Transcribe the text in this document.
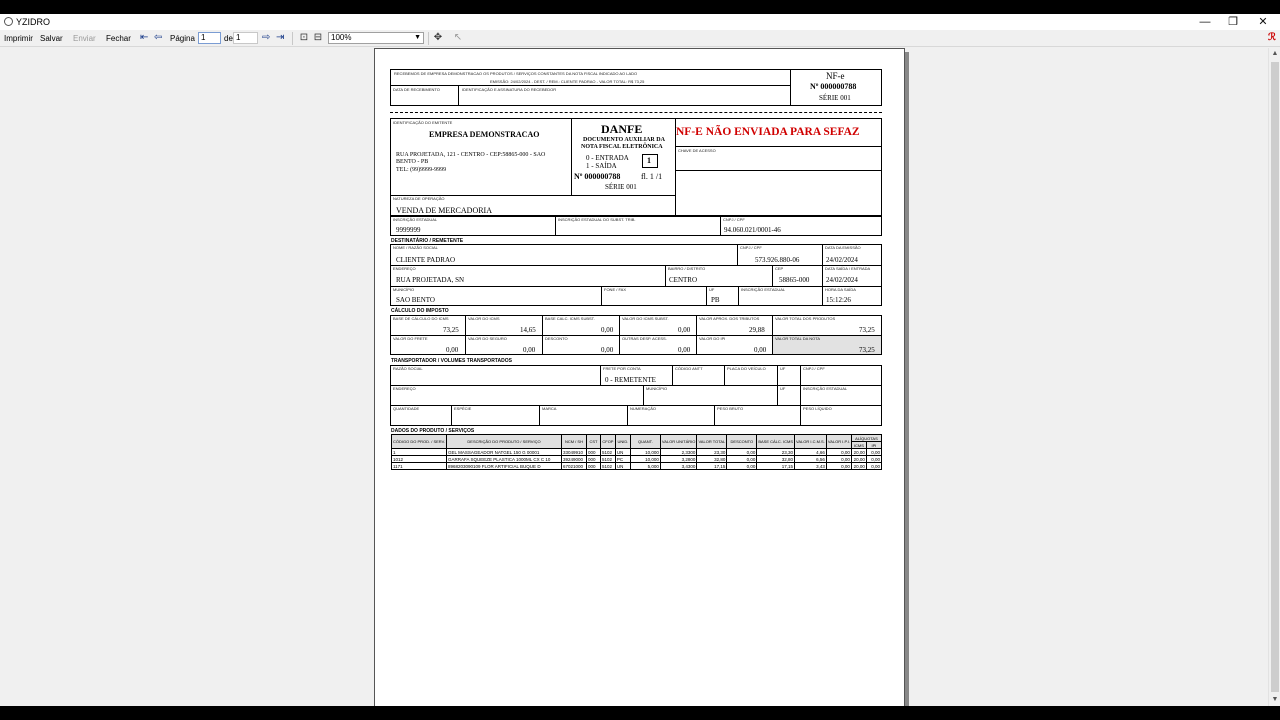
YZIDRO	— ❐ ✕
Imprimir Salvar Enviar Fechar ⇤ ⇦ Página 1	de 1	⇨ ⇥ ⊡ ⊟	100%	▼ ✥ ↖	ℛ
▲
▼
RECEBEMOS DE EMPRESA DEMONSTRACAO OS PRODUTOS / SERVIÇOS CONSTANTES DA NOTA FISCAL INDICADO AO LADO
EMISSÃO: 24/02/2024 - DEST. / REM.: CLIENTE PADRAO - VALOR TOTAL: R$ 73,25
DATA DE RECEBIMENTO	IDENTIFICAÇÃO E ASSINATURA DO RECEBEDOR
NF-e
Nº 000000788
SÉRIE 001
IDENTIFICAÇÃO DO EMITENTE
EMPRESA DEMONSTRACAO
RUA PROJETADA, 121 - CENTRO - CEP:58865-000 - SAO
BENTO - PB
TEL: (99)9999-9999
DANFE
DOCUMENTO AUXILIAR DA
NOTA FISCAL ELETRÔNICA
0 - ENTRADA
1 - SAÍDA
1
Nº 000000788	fl. 1 /1
SÉRIE 001
NF-E NÃO ENVIADA PARA SEFAZ
CHAVE DE ACESSO
NATUREZA DE OPERAÇÃO
VENDA DE MERCADORIA
INSCRIÇÃO ESTADUAL
9999999
INSCRIÇÃO ESTADUAL DO SUBST. TRIB.	CNPJ / CPF
94.060.021/0001-46
DESTINATÁRIO / REMETENTE
NOME / RAZÃO SOCIAL
CLIENTE PADRAO
CNPJ / CPF
573.926.880-06
DATA DA EMISSÃO
24/02/2024
ENDEREÇO
RUA PROJETADA, SN
BAIRRO / DISTRITO
CENTRO
CEP
58865-000
DATA SAÍDA / ENTRADA
24/02/2024
MUNICÍPIO
SAO BENTO
FONE / FAX	UF
PB
INSCRIÇÃO ESTADUAL	HORA DA SAÍDA
15:12:26
CÁLCULO DO IMPOSTO
BASE DE CÁLCULO DO ICMS
73,25
VALOR DO ICMS
14,65
BASE CALC. ICMS SUBST.
0,00
VALOR DO ICMS SUBST.
0,00
VALOR APROX. DOS TRIBUTOS
29,88
VALOR TOTAL DOS PRODUTOS
73,25
VALOR DO FRETE
0,00
VALOR DO SEGURO
0,00
DESCONTO
0,00
OUTRAS DESP. ACESS.
0,00
VALOR DO IPI
0,00
VALOR TOTAL DA NOTA
73,25
TRANSPORTADOR / VOLUMES TRANSPORTADOS
RAZÃO SOCIAL	FRETE POR CONTA
0 - REMETENTE
CÓDIGO ANTT	PLACA DO VEÍCULO	UF	CNPJ / CPF
ENDEREÇO	MUNICÍPIO	UF	INSCRIÇÃO ESTADUAL
QUANTIDADE	ESPÉCIE	MARCA	NUMERAÇÃO	PESO BRUTO	PESO LÍQUIDO
DADOS DO PRODUTO / SERVIÇOS
CÓDIGO DO PROD. / SERV.	DESCRIÇÃO DO PRODUTO / SERVIÇO	NCM / SH	CST	CFOP	UNID.	QUANT.	VALOR UNITÁRIO	VALOR TOTAL	DESCONTO	BASE CÁLC. ICMS	VALOR I.C.M.S.	VALOR I.P.I.	ALÍQUOTAS	
													ICMS	IPI
1	GEL MASSAGEADOR NATGEL 150 G 00001	33049910	000	5102	UN	10,000	2,3300	23,30	0,00	23,30	4,66	0,00	20,00	0,00
1012	GARRAFA SQUEEZE PLASTICA 1000ML CX C 10	39249000	000	5102	PC	10,000	3,2800	32,80	0,00	32,80	6,56	0,00	20,00	0,00
1171	8968203090109 FLOR ARTIFICIAL BUQUE D	67021000	000	5102	UN	5,000	3,4300	17,15	0,00	17,15	3,43	0,00	20,00	0,00
